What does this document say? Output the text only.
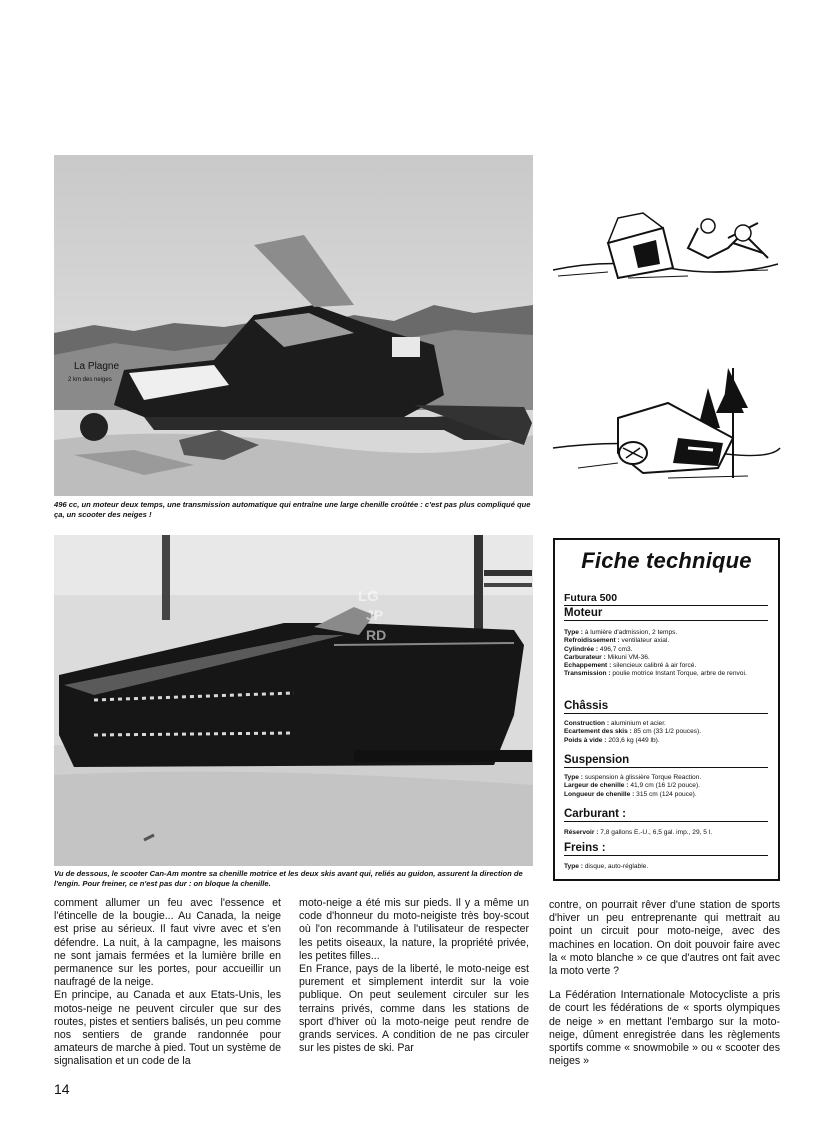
La Plagne
2 km des neiges
496 cc, un moteur deux temps, une transmission automatique qui entraîne une large chenille croûtée : c'est pas plus compliqué que ça, un scooter des neiges !
LG
JP
RD
Vu de dessous, le scooter Can-Am montre sa chenille motrice et les deux skis avant qui, reliés au guidon, assurent la direction de l'engin. Pour freiner, ce n'est pas dur : on bloque la chenille.
Fiche technique
Futura 500
Moteur
Type : à lumière d'admission, 2 temps.
Refroidissement : ventilateur axial.
Cylindrée : 496,7 cm3.
Carburateur : Mikuni VM-36.
Echappement : silencieux calibré à air forcé.
Transmission : poulie motrice Instant Torque, arbre de renvoi.
Châssis
Construction : aluminium et acier.
Ecartement des skis : 85 cm (33 1/2 pouces).
Poids à vide : 203,6 kg (449 lb).
Suspension
Type : suspension à glissière Torque Reaction.
Largeur de chenille : 41,9 cm (16 1/2 pouce).
Longueur de chenille : 315 cm (124 pouce).
Carburant :
Réservoir : 7,8 gallons E.-U., 6,5 gal. imp., 29, 5 l.
Freins :
Type : disque, auto-réglable.

comment allumer un feu avec l'essence et l'étincelle de la bougie... Au Canada, la neige est prise au sérieux. Il faut vivre avec et s'en défendre. La nuit, à la campagne, les maisons ne sont jamais fermées et la lumière brille en permanence sur les portes, pour accueillir un naufragé de la neige.

En principe, au Canada et aux Etats-Unis, les motos-neige ne peuvent circuler que sur des routes, pistes et sentiers balisés, un peu comme nos sentiers de grande randonnée pour amateurs de marche à pied. Tout un système de signalisation et un code de la

moto-neige a été mis sur pieds. Il y a même un code d'honneur du moto-neigiste très boy-scout où l'on recommande à l'utilisateur de respecter les petits oiseaux, la nature, la propriété privée, les petites filles...

En France, pays de la liberté, le moto-neige est purement et simplement interdit sur la voie publique. On peut seulement circuler sur les terrains privés, comme dans les stations de sport d'hiver où la moto-neige peut rendre de grands services. A condition de ne pas circuler sur les pistes de ski. Par

contre, on pourrait rêver d'une station de sports d'hiver un peu entreprenante qui mettrait au point un circuit pour moto-neige, avec des machines en location. On doit pouvoir faire avec la « moto blanche » ce que d'autres ont fait avec la moto verte ?

La Fédération Internationale Motocycliste a pris de court les fédérations de « sports olympiques de neige » en mettant l'embargo sur la moto-neige, dûment enregistrée dans les règlements sportifs comme « snowmobile » ou « scooter des neiges »

14
